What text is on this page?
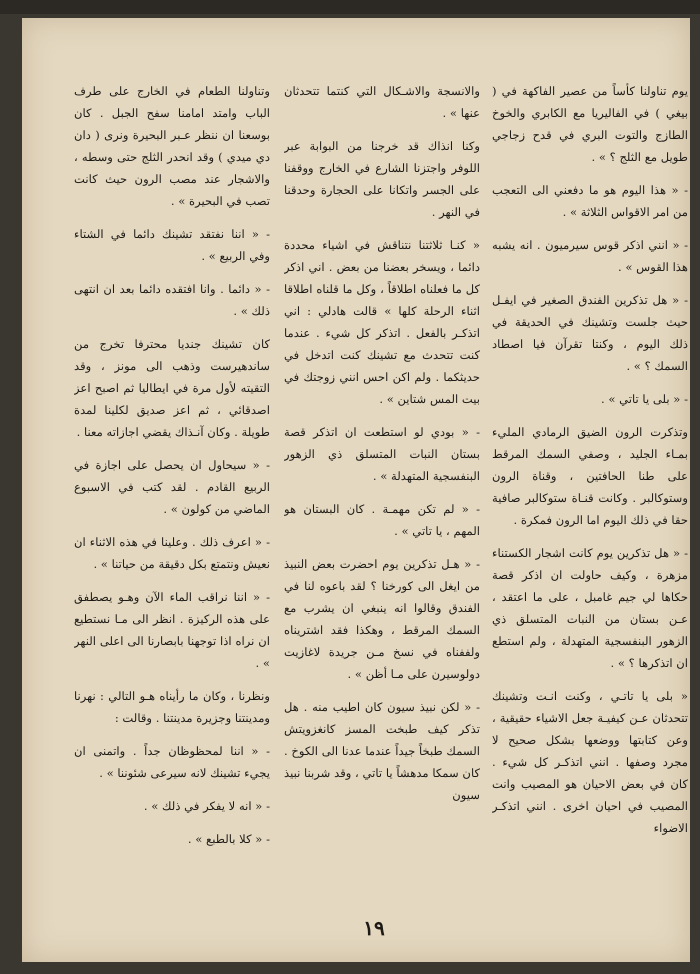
يوم تناولنا كأساً من عصير الفاكهة في ( بيغي ) في الفاليريا مع الكابري والخوخ الطازج والتوت البري في قدح زجاجي طويل مع الثلج ؟ » .

- « هذا اليوم هو ما دفعني الى التعجب من امر الاقواس الثلاثة » .

- « انني اذكر قوس سيرميون . انه يشبه هذا القوس » .

- « هل تذكرين الفندق الصغير في ايفـل حيث جلست وتشينك في الحديقة في ذلك اليوم ، وكنتا تقرآن فيا اصطاد السمك ؟ » .

- « بلى يا تاتي » .

وتذكرت الرون الضيق الرمادي المليء بمـاء الجليد ، وصفي السمك المرقط على طنا الحافتين ، وقناة الرون وستوكالبر . وكانت قنـاة ستوكالبر صافية حقا في ذلك اليوم اما الرون فمكرة .

- « هل تذكرين يوم كانت اشجار الكستناء مزهرة ، وكيف حاولت ان اذكر قصة حكاها لي جيم غامبل ، على ما اعتقد ، عـن بستان من النبات المتسلق ذي الزهور البنفسجية المتهدلة ، ولم استطع ان اتذكرها ؟ » .

« بلى يا تاتـي ، وكنت انـت وتشينك تتحدثان عـن كيفيـة جعل الاشياء حقيقية ، وعن كتابتها ووضعها بشكل صحيح لا مجرد وصفها . انني اتذكـر كل شيء . كان في بعض الاحيان هو المصيب وانت المصيب في احيان اخرى . انني اتذكـر الاضواء

والانسجة والاشـكال التي كنتما تتحدثان عنها » .

وكنا انذاك قد خرجنا من البوابة عبر اللوفر واجتزنا الشارع في الخارج ووقفنا على الجسر واتكانا على الحجارة وحدقنا في النهر .

« كنـا ثلاثتنا نتناقش في اشياء محددة دائما ، ويسخر بعضنا من بعض . اني اذكر كل ما فعلناه اطلاقاً ، وكل ما قلناه اطلاقا اثناء الرحلة كلها » قالت هادلي : اني اتذكـر بالفعل . اتذكر كل شيء . عندما كنت تتحدث مع تشينك كنت اتدخل في حديثكما . ولم اكن احس انني زوجتك في بيت المس شتاين » .

- « بودي لو استطعت ان اتذكر قصة بستان النبات المتسلق ذي الزهور البنفسجية المتهدلة » .

- « لم تكن مهمـة . كان البستان هو المهم ، يا تاتي » .

- « هـل تذكرين يوم احضرت بعض النبيذ من ايغل الى كورخنا ؟ لقد باعوه لنا في الفندق وقالوا انه ينبغي ان يشرب مع السمك المرقط ، وهكذا فقد اشتريناه ولففناه في نسخ مـن جريدة لاغازيت دولوسيرن على مـا أظن » .

- « لكن نبيذ سيون كان اطيب منه . هل تذكر كيف طبخت المسز كانغزويتش السمك طبخاً جيداً عندما عدنا الى الكوخ . كان سمكا مدهشاً يا تاتي ، وقد شربنا نبيذ سيون

وتناولنا الطعام في الخارج على طرف الباب وامتد امامنا سفح الجبل . كان بوسعنا ان ننظر عـبر البحيرة ونرى ( دان دي ميدي ) وقد انحدر الثلج حتى وسطه ، والاشجار عند مصب الرون حيث كانت تصب في البحيرة » .

- « اننا نفتقد تشينك دائما في الشتاء وفي الربيع » .

- « دائما . وانا افتقده دائما بعد ان انتهى ذلك » .

كان تشينك جنديا محترفا تخرج من ساندهيرست وذهب الى مونز ، وقد التقيته لأول مرة في ايطاليا ثم اصبح اعز اصدقائي ، ثم اعز صديق لكلينا لمدة طويلة . وكان آنـذاك يقضي اجازاته معنا .

- « سيحاول ان يحصل على اجازة في الربيع القادم . لقد كتب في الاسبوع الماضي من كولون » .

- « اعرف ذلك . وعلينا في هذه الاثناء ان نعيش ونتمتع بكل دقيقة من حياتنا » .

- « اننا نراقب الماء الآن وهـو يصطفق على هذه الركيزة . انظر الى مـا نستطيع ان نراه اذا توجهنا بابصارنا الى اعلى النهر » .

ونظرنا ، وكان ما رأيناه هـو التالي : نهرنا ومدينتنا وجزيرة مدينتنا . وقالت :

- « اننا لمحظوظان جداً . واتمنى ان يجيء تشينك لانه سيرعى شئوننا » .

- « انه لا يفكر في ذلك » .

- « كلا بالطبع » .

١٩
